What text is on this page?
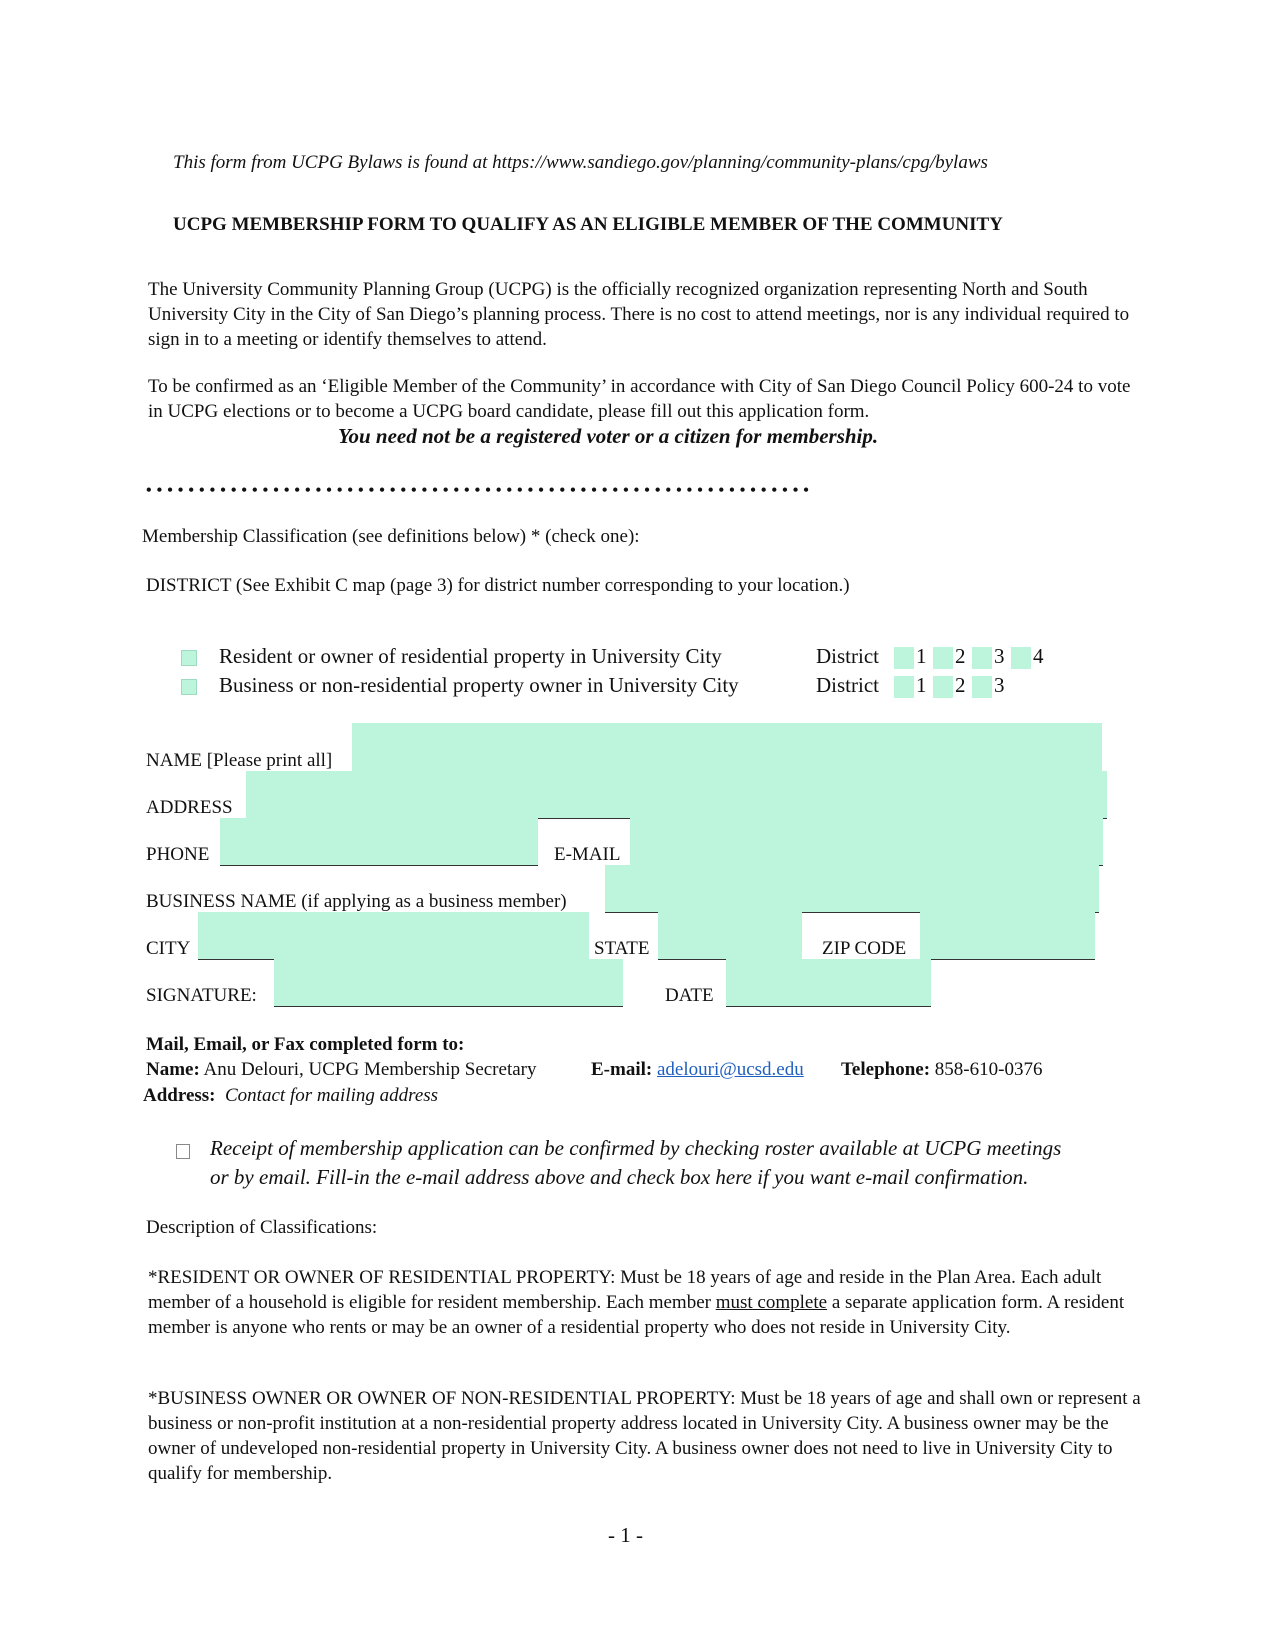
This form from UCPG Bylaws is found at https://www.sandiego.gov/planning/community-plans/cpg/bylaws
UCPG MEMBERSHIP FORM TO QUALIFY AS AN ELIGIBLE MEMBER OF THE COMMUNITY
The University Community Planning Group (UCPG) is the officially recognized organization representing North and South University City in the City of San Diego’s planning process. There is no cost to attend meetings, nor is any individual required to sign in to a meeting or identify themselves to attend.
To be confirmed as an ‘Eligible Member of the Community’ in accordance with City of San Diego Council Policy 600-24 to vote in UCPG elections or to become a UCPG board candidate, please fill out this application form.
You need not be a registered voter or a citizen for membership.
• • • • • • • • • • • • • • • • • • • • • • • • • • • • • • • • • • • • • • • • • • • • • • • • • • • • • • • • • • • • • • •
Membership Classification (see definitions below) * (check one):
DISTRICT (See Exhibit C map (page 3) for district number corresponding to your location.)
Resident or owner of residential property in University City	District 1 2 3 4
Business or non-residential property owner in University City	District 1 2 3
NAME [Please print all]
ADDRESS
PHONE	E-MAIL
BUSINESS NAME (if applying as a business member)
CITY	STATE	ZIP CODE
SIGNATURE:	DATE
Mail, Email, or Fax completed form to:
Name: Anu Delouri, UCPG Membership Secretary	E-mail: adelouri@ucsd.edu Telephone: 858-610-0376
Address: Contact for mailing address
Receipt of membership application can be confirmed by checking roster available at UCPG meetings
or by email. Fill-in the e-mail address above and check box here if you want e-mail confirmation.
Description of Classifications:
*RESIDENT OR OWNER OF RESIDENTIAL PROPERTY: Must be 18 years of age and reside in the Plan Area. Each adult member of a household is eligible for resident membership. Each member must complete a separate application form. A resident member is anyone who rents or may be an owner of a residential property who does not reside in University City.
*BUSINESS OWNER OR OWNER OF NON-RESIDENTIAL PROPERTY: Must be 18 years of age and shall own or represent a business or non-profit institution at a non-residential property address located in University City. A business owner may be the owner of undeveloped non-residential property in University City. A business owner does not need to live in University City to qualify for membership.
- 1 -
